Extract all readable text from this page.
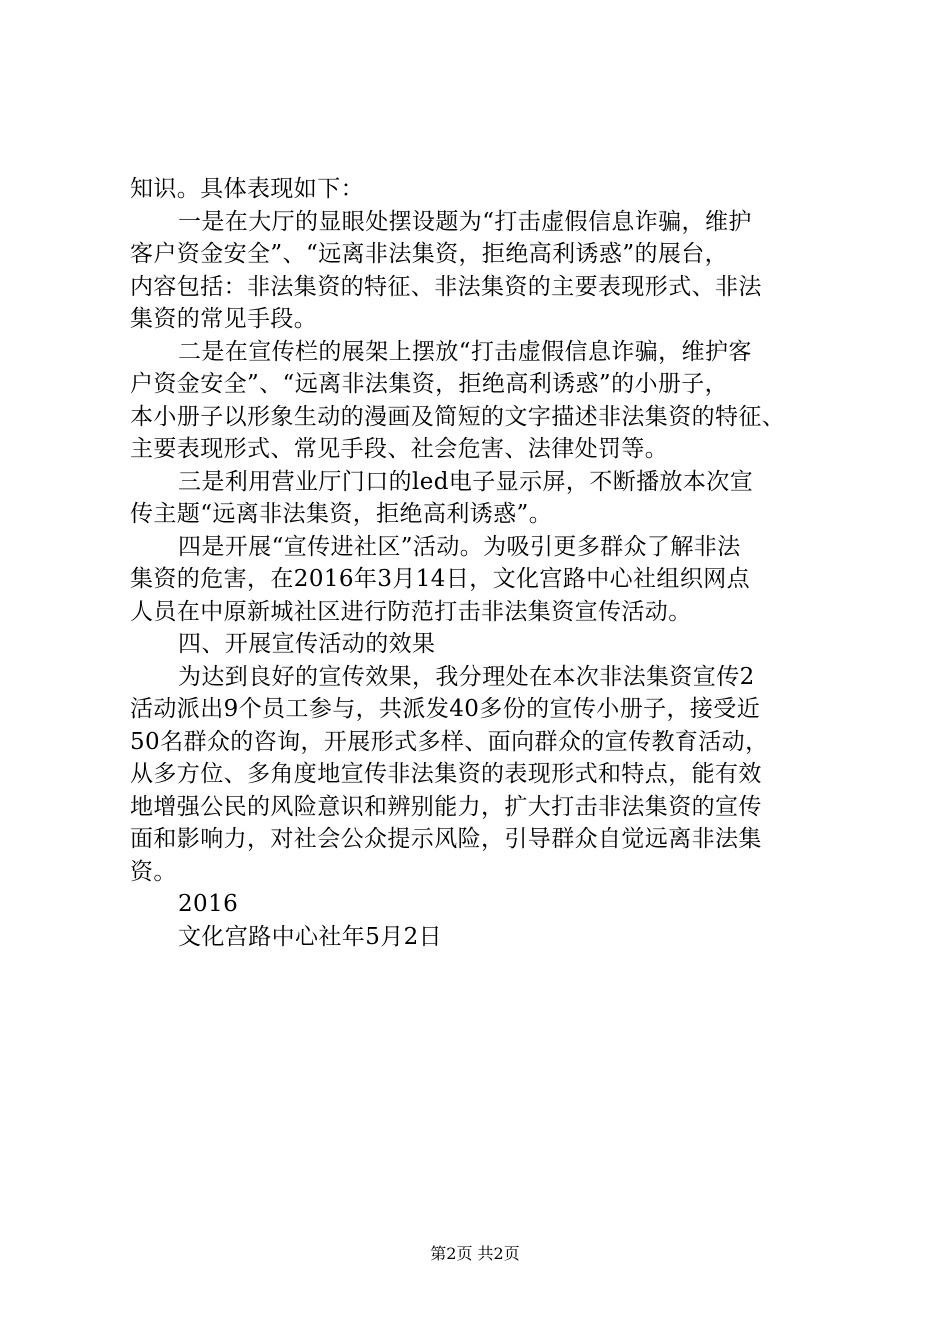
知识。具体表现如下：
一是在大厅的显眼处摆设题为“打击虚假信息诈骗，维护
客户资金安全”、“远离非法集资，拒绝高利诱惑”的展台，
内容包括：非法集资的特征、非法集资的主要表现形式、非法
集资的常见手段。
二是在宣传栏的展架上摆放“打击虚假信息诈骗，维护客
户资金安全”、“远离非法集资，拒绝高利诱惑”的小册子，
本小册子以形象生动的漫画及简短的文字描述非法集资的特征、
主要表现形式、常见手段、社会危害、法律处罚等。
三是利用营业厅门口的led电子显示屏，不断播放本次宣
传主题“远离非法集资，拒绝高利诱惑”。
四是开展“宣传进社区”活动。为吸引更多群众了解非法
集资的危害，在2016年3月14日，文化宫路中心社组织网点
人员在中原新城社区进行防范打击非法集资宣传活动。
四、开展宣传活动的效果
为达到良好的宣传效果，我分理处在本次非法集资宣传2
活动派出9个员工参与，共派发40多份的宣传小册子，接受近
50名群众的咨询，开展形式多样、面向群众的宣传教育活动，
从多方位、多角度地宣传非法集资的表现形式和特点，能有效
地增强公民的风险意识和辨别能力，扩大打击非法集资的宣传
面和影响力，对社会公众提示风险，引导群众自觉远离非法集
资。
2016
文化宫路中心社年5月2日
第2页 共2页
